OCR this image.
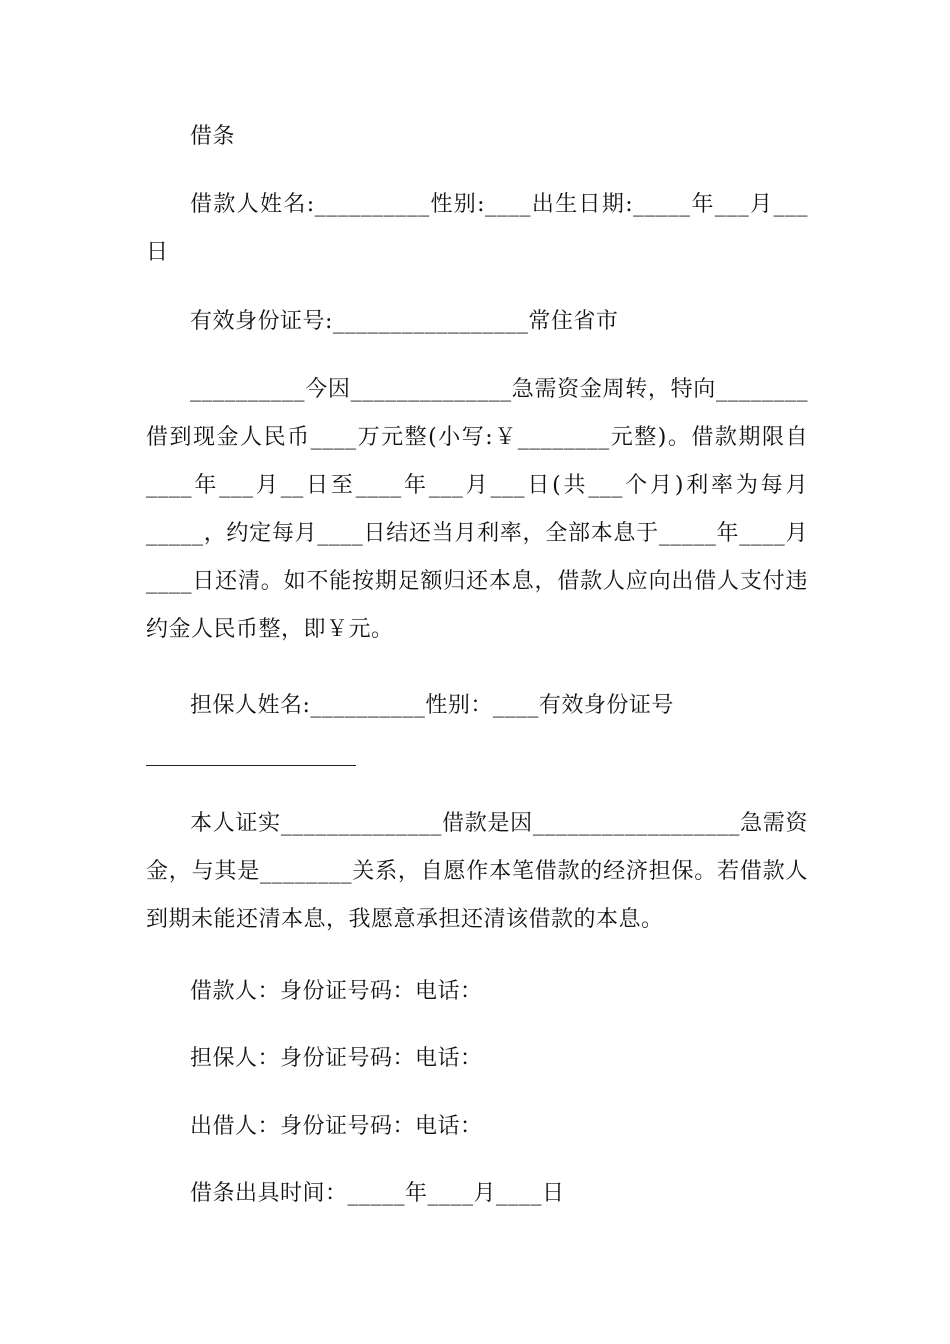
借条

借款人姓名:__________性别:____出生日期:_____年___月___日

有效身份证号:_________________常住省市

__________今因______________急需资金周转，特向________借到现金人民币____万元整(小写:￥________元整)。借款期限自____年___月__日至____年___月___日(共___个月)利率为每月_____，约定每月____日结还当月利率，全部本息于_____年____月____日还清。如不能按期足额归还本息，借款人应向出借人支付违约金人民币整，即￥元。

担保人姓名:__________性别：____有效身份证号

本人证实______________借款是因__________________急需资金，与其是________关系，自愿作本笔借款的经济担保。若借款人到期未能还清本息，我愿意承担还清该借款的本息。

借款人：身份证号码：电话：

担保人：身份证号码：电话：

出借人：身份证号码：电话：

借条出具时间：_____年____月____日
